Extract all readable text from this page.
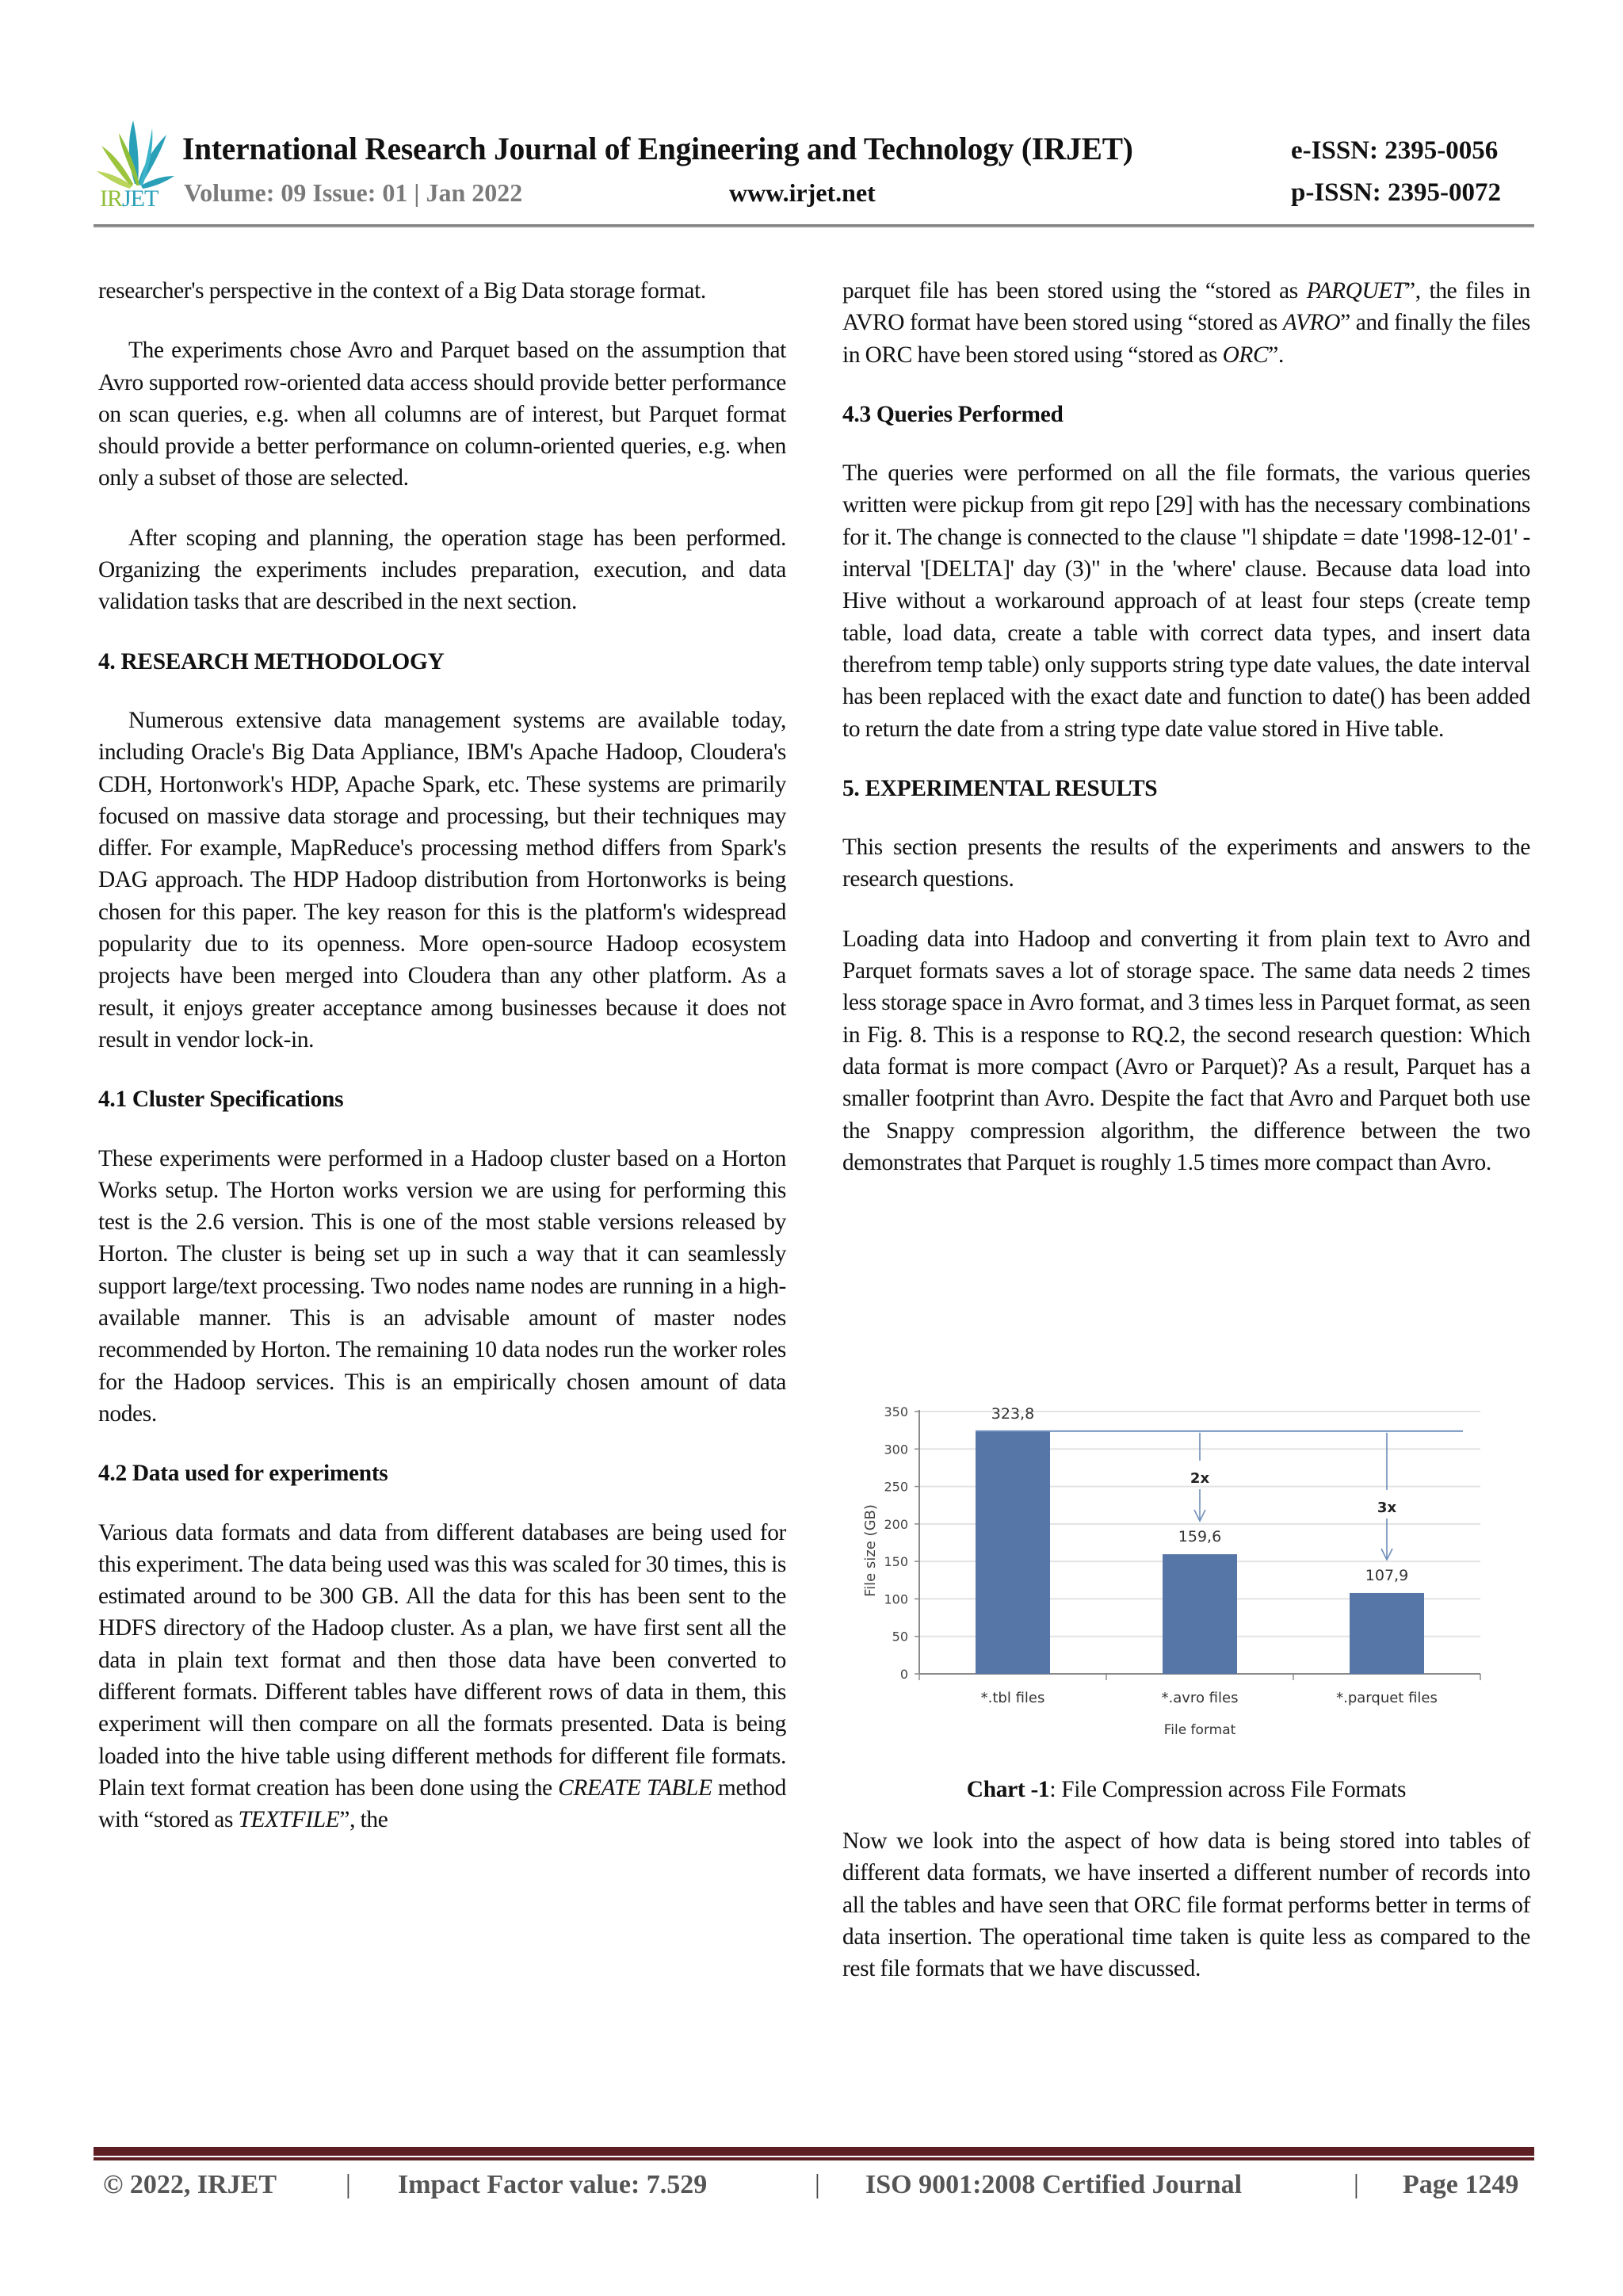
IRJET
International Research Journal of Engineering and Technology (IRJET)
Volume: 09 Issue: 01 | Jan 2022	www.irjet.net
e-ISSN: 2395-0056
p-ISSN: 2395-0072

researcher's perspective in the context of a Big Data storage format.

The experiments chose Avro and Parquet based on the assumption that Avro supported row-oriented data access should provide better performance on scan queries, e.g. when all columns are of interest, but Parquet format should provide a better performance on column-oriented queries, e.g. when only a subset of those are selected.

After scoping and planning, the operation stage has been performed. Organizing the experiments includes preparation, execution, and data validation tasks that are described in the next section.

4. RESEARCH METHODOLOGY

Numerous extensive data management systems are available today, including Oracle's Big Data Appliance, IBM's Apache Hadoop, Cloudera's CDH, Hortonwork's HDP, Apache Spark, etc. These systems are primarily focused on massive data storage and processing, but their techniques may differ. For example, MapReduce's processing method differs from Spark's DAG approach. The HDP Hadoop distribution from Hortonworks is being chosen for this paper. The key reason for this is the platform's widespread popularity due to its openness. More open-source Hadoop ecosystem projects have been merged into Cloudera than any other platform. As a result, it enjoys greater acceptance among businesses because it does not result in vendor lock-in.

4.1 Cluster Specifications

These experiments were performed in a Hadoop cluster based on a Horton Works setup. The Horton works version we are using for performing this test is the 2.6 version. This is one of the most stable versions released by Horton. The cluster is being set up in such a way that it can seamlessly support large/text processing. Two nodes name nodes are running in a high-available manner. This is an advisable amount of master nodes recommended by Horton. The remaining 10 data nodes run the worker roles for the Hadoop services. This is an empirically chosen amount of data nodes.

4.2 Data used for experiments

Various data formats and data from different databases are being used for this experiment. The data being used was this was scaled for 30 times, this is estimated around to be 300 GB. All the data for this has been sent to the HDFS directory of the Hadoop cluster. As a plan, we have first sent all the data in plain text format and then those data have been converted to different formats. Different tables have different rows of data in them, this experiment will then compare on all the formats presented. Data is being loaded into the hive table using different methods for different file formats. Plain text format creation has been done using the CREATE TABLE method with “stored as TEXTFILE”, the

parquet file has been stored using the “stored as PARQUET”, the files in AVRO format have been stored using “stored as AVRO” and finally the files in ORC have been stored using “stored as ORC”.

4.3 Queries Performed

The queries were performed on all the file formats, the various queries written were pickup from git repo [29] with has the necessary combinations for it. The change is connected to the clause "l shipdate = date '1998-12-01' - interval '[DELTA]' day (3)" in the 'where' clause. Because data load into Hive without a workaround approach of at least four steps (create temp table, load data, create a table with correct data types, and insert data therefrom temp table) only supports string type date values, the date interval has been replaced with the exact date and function to date() has been added to return the date from a string type date value stored in Hive table.

5. EXPERIMENTAL RESULTS

This section presents the results of the experiments and answers to the research questions.

Loading data into Hadoop and converting it from plain text to Avro and Parquet formats saves a lot of storage space. The same data needs 2 times less storage space in Avro format, and 3 times less in Parquet format, as seen in Fig. 8. This is a response to RQ.2, the second research question: Which data format is more compact (Avro or Parquet)? As a result, Parquet has a smaller footprint than Avro. Despite the fact that Avro and Parquet both use the Snappy compression algorithm, the difference between the two demonstrates that Parquet is roughly 1.5 times more compact than Avro.

0
50
100
150
200
250
300
350	323,8
*.tbl files
159,6
*.avro files
107,9
*.parquet files
2x
3x
File format
File size (GB)
Chart -1: File Compression across File Formats

Now we look into the aspect of how data is being stored into tables of different data formats, we have inserted a different number of records into all the tables and have seen that ORC file format performs better in terms of data insertion. The operational time taken is quite less as compared to the rest file formats that we have discussed.

© 2022, IRJET	| Impact Factor value: 7.529	| ISO 9001:2008 Certified Journal	| Page 1249
